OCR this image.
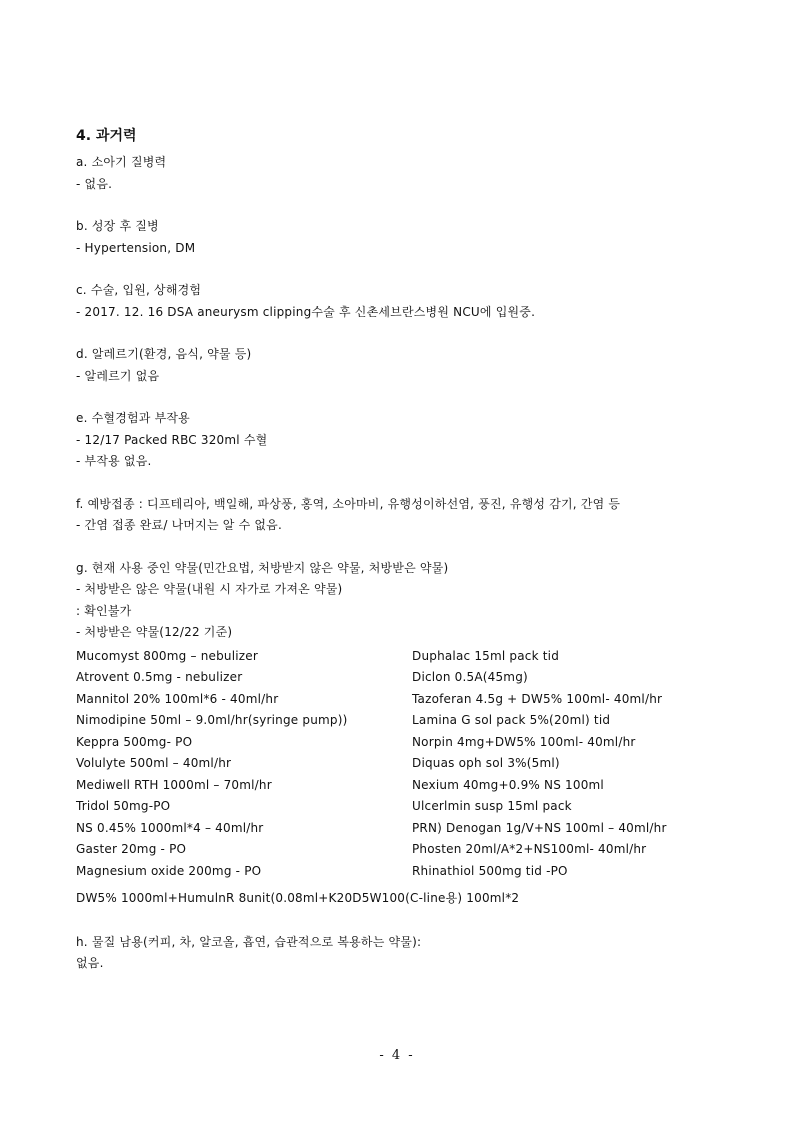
4. 과거력
a. 소아기 질병력
- 없음.
b. 성장 후 질병
- Hypertension, DM
c. 수술, 입원, 상해경험
- 2017. 12. 16 DSA aneurysm clipping수술 후 신촌세브란스병원 NCU에 입원중.
d. 알레르기(환경, 음식, 약물 등)
- 알레르기 없음
e. 수혈경험과 부작용
- 12/17 Packed RBC 320ml 수혈
- 부작용 없음.
f. 예방접종 : 디프테리아, 백일해, 파상풍, 홍역, 소아마비, 유행성이하선염, 풍진, 유행성 감기, 간염 등
- 간염 접종 완료/ 나머지는 알 수 없음.
g. 현재 사용 중인 약물(민간요법, 처방받지 않은 약물, 처방받은 약물)
- 처방받은 않은 약물(내원 시 자가로 가져온 약물)
: 확인불가
- 처방받은 약물(12/22 기준)
Mucomyst 800mg – nebulizer
Atrovent 0.5mg - nebulizer
Mannitol 20% 100ml*6 - 40ml/hr
Nimodipine 50ml – 9.0ml/hr(syringe pump))
Keppra 500mg- PO
Volulyte 500ml – 40ml/hr
Mediwell RTH 1000ml – 70ml/hr
Tridol 50mg-PO
NS 0.45% 1000ml*4 – 40ml/hr
Gaster 20mg - PO
Magnesium oxide 200mg - PO
Duphalac 15ml pack tid
Diclon 0.5A(45mg)
Tazoferan 4.5g + DW5% 100ml- 40ml/hr
Lamina G sol pack 5%(20ml) tid
Norpin 4mg+DW5% 100ml- 40ml/hr
Diquas oph sol 3%(5ml)
Nexium 40mg+0.9% NS 100ml
Ulcerlmin susp 15ml pack
PRN) Denogan 1g/V+NS 100ml – 40ml/hr
Phosten 20ml/A*2+NS100ml- 40ml/hr
Rhinathiol 500mg tid -PO
DW5% 1000ml+HumulnR 8unit(0.08ml+K20D5W100(C-line용) 100ml*2
h. 물질 남용(커피, 차, 알코올, 흡연, 습관적으로 복용하는 약물):
없음.
- 4 -
